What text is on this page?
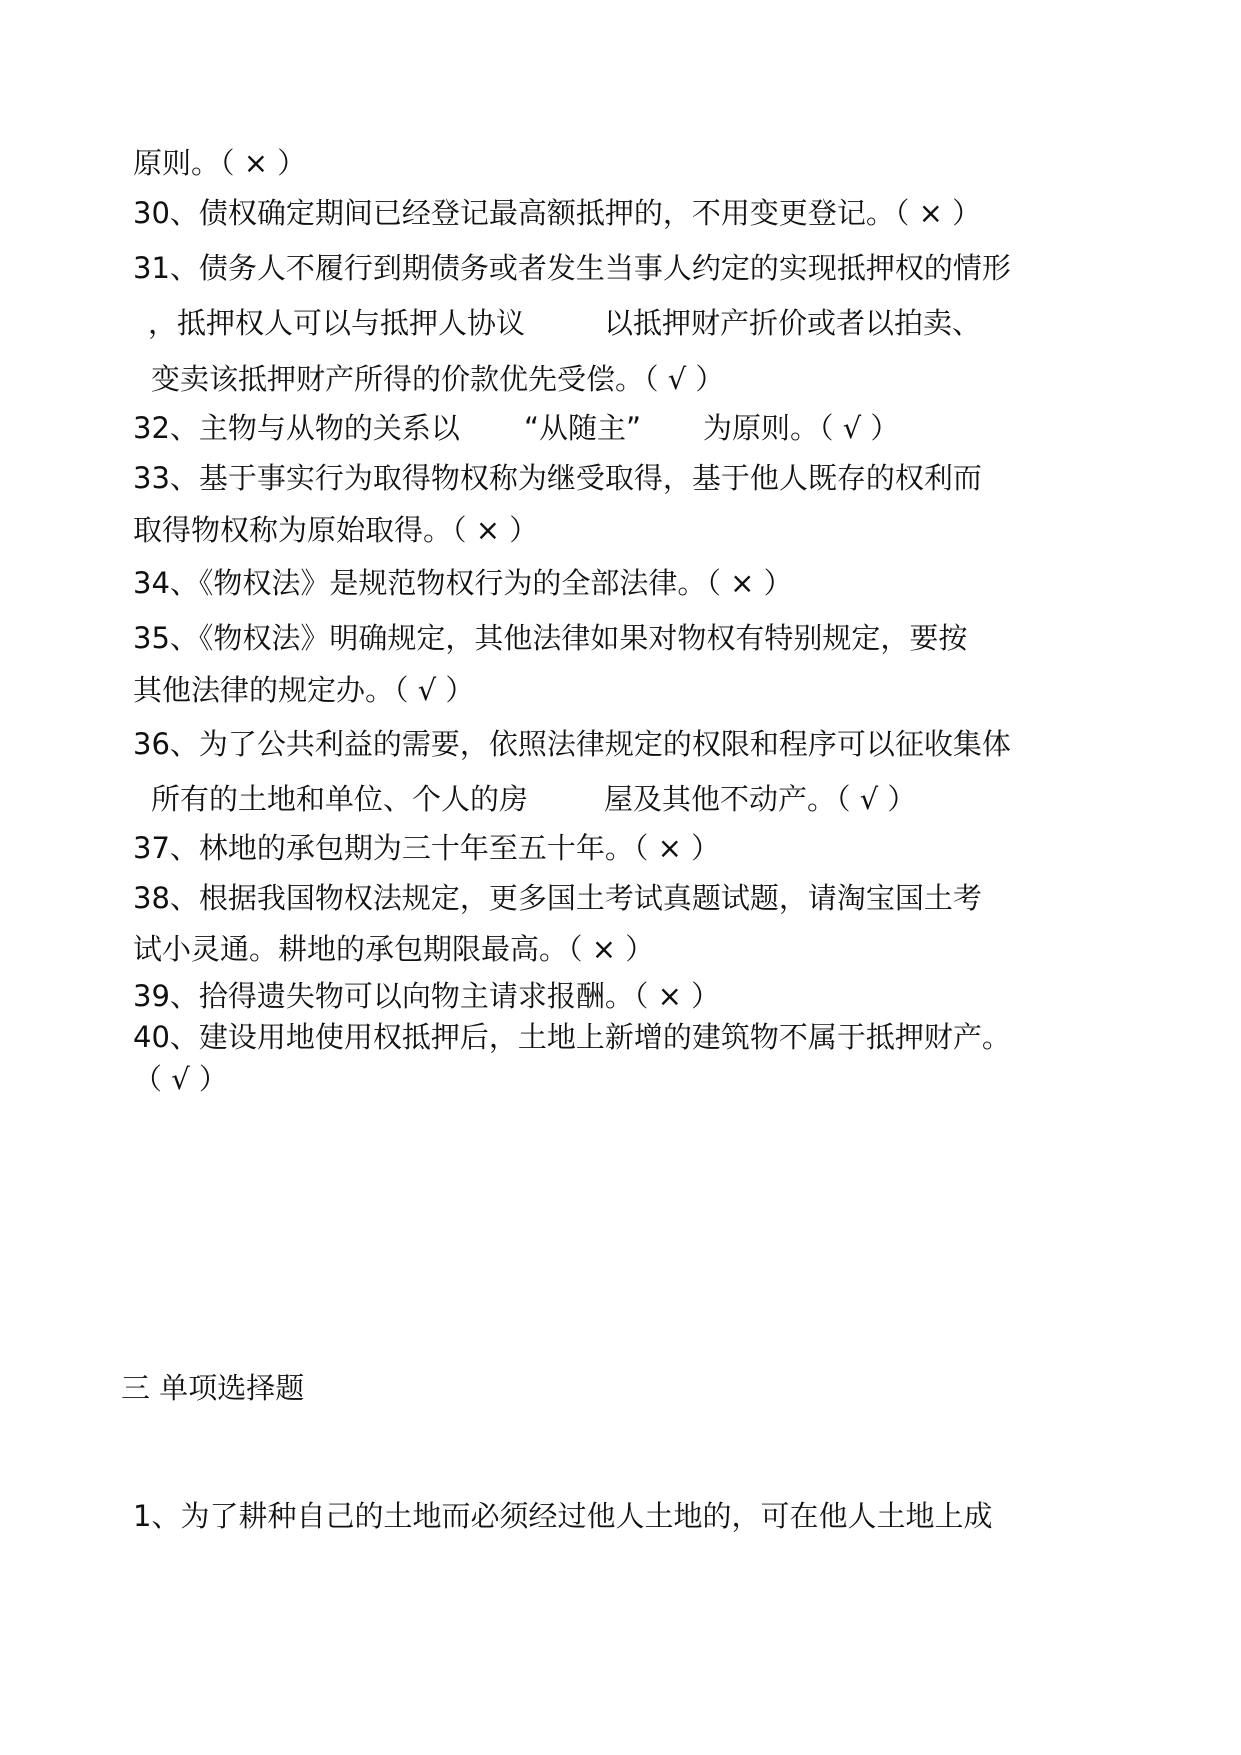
原则。（ × ）
30、债权确定期间已经登记最高额抵押的，不用变更登记。（ × ）
31、债务人不履行到期债务或者发生当事人约定的实现抵押权的情形
，抵押权人可以与抵押人协议	以抵押财产折价或者以拍卖、
变卖该抵押财产所得的价款优先受偿。（ √ ）
32、主物与从物的关系以 “从随主” 为原则。（ √ ）
33、基于事实行为取得物权称为继受取得，基于他人既存的权利而
取得物权称为原始取得。（ × ）
34、《物权法》是规范物权行为的全部法律。（ × ）
35、《物权法》明确规定，其他法律如果对物权有特别规定，要按
其他法律的规定办。（ √ ）
36、为了公共利益的需要，依照法律规定的权限和程序可以征收集体
所有的土地和单位、个人的房	屋及其他不动产。（ √ ）
37、林地的承包期为三十年至五十年。（ × ）
38、根据我国物权法规定，更多国土考试真题试题，请淘宝国土考
试小灵通。耕地的承包期限最高。（ × ）
39、拾得遗失物可以向物主请求报酬。（ × ）
40、建设用地使用权抵押后，土地上新增的建筑物不属于抵押财产。
（ √ ）
三 单项选择题
1、为了耕种自己的土地而必须经过他人土地的，可在他人土地上成
